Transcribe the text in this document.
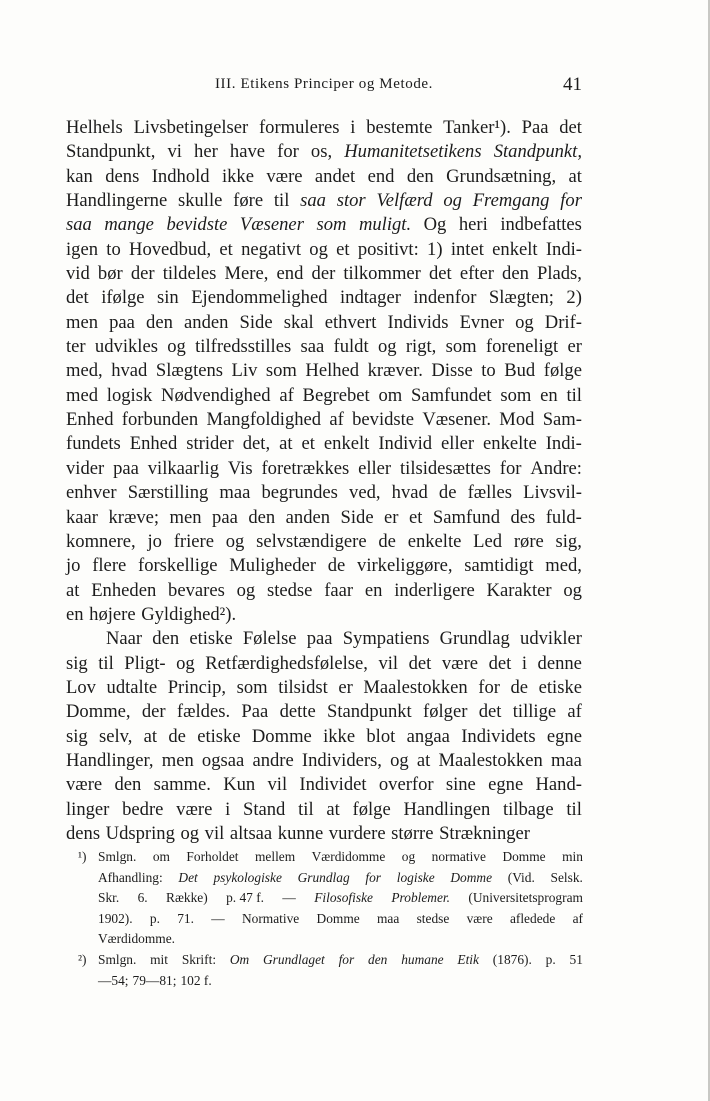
III. Etikens Principer og Metode.	41
Helhels Livsbetingelser formuleres i bestemte Tanker¹). Paa det
Standpunkt, vi her have for os, Humanitetsetikens Standpunkt,
kan dens Indhold ikke være andet end den Grundsætning, at
Handlingerne skulle føre til saa stor Velfærd og Fremgang for
saa mange bevidste Væsener som muligt. Og heri indbefattes
igen to Hovedbud, et negativt og et positivt: 1) intet enkelt Indi-
vid bør der tildeles Mere, end der tilkommer det efter den Plads,
det ifølge sin Ejendommelighed indtager indenfor Slægten; 2)
men paa den anden Side skal ethvert Individs Evner og Drif-
ter udvikles og tilfredsstilles saa fuldt og rigt, som foreneligt er
med, hvad Slægtens Liv som Helhed kræver. Disse to Bud følge
med logisk Nødvendighed af Begrebet om Samfundet som en til
Enhed forbunden Mangfoldighed af bevidste Væsener. Mod Sam-
fundets Enhed strider det, at et enkelt Individ eller enkelte Indi-
vider paa vilkaarlig Vis foretrækkes eller tilsidesættes for Andre:
enhver Særstilling maa begrundes ved, hvad de fælles Livsvil-
kaar kræve; men paa den anden Side er et Samfund des fuld-
komnere, jo friere og selvstændigere de enkelte Led røre sig,
jo flere forskellige Muligheder de virkeliggøre, samtidigt med,
at Enheden bevares og stedse faar en inderligere Karakter og
en højere Gyldighed²).
Naar den etiske Følelse paa Sympatiens Grundlag udvikler
sig til Pligt- og Retfærdighedsfølelse, vil det være det i denne
Lov udtalte Princip, som tilsidst er Maalestokken for de etiske
Domme, der fældes. Paa dette Standpunkt følger det tillige af
sig selv, at de etiske Domme ikke blot angaa Individets egne
Handlinger, men ogsaa andre Individers, og at Maalestokken maa
være den samme. Kun vil Individet overfor sine egne Hand-
linger bedre være i Stand til at følge Handlingen tilbage til
dens Udspring og vil altsaa kunne vurdere større Strækninger
¹) Smlgn. om Forholdet mellem Værdidomme og normative Domme min
Afhandling: Det psykologiske Grundlag for logiske Domme (Vid. Selsk.
Skr. 6. Række) p. 47 f. — Filosofiske Problemer. (Universitetsprogram
1902). p. 71. — Normative Domme maa stedse være afledede af
Værdidomme.
²) Smlgn. mit Skrift: Om Grundlaget for den humane Etik (1876). p. 51
—54; 79—81; 102 f.
